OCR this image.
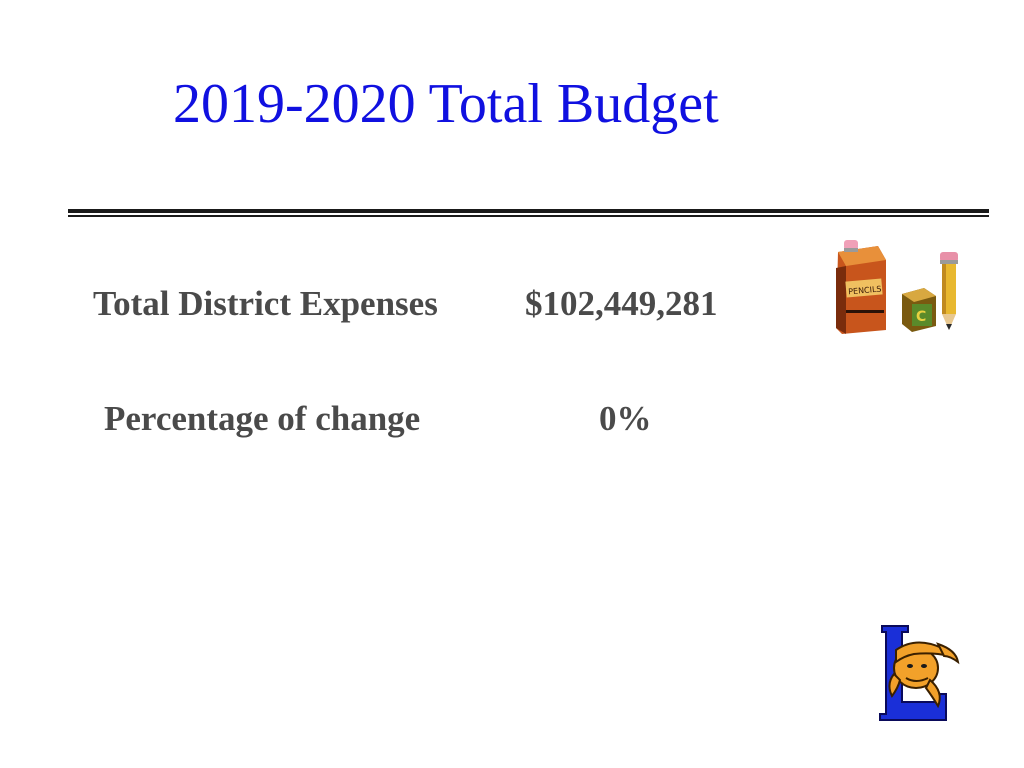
2019-2020 Total Budget
Total District Expenses $102,449,281
Percentage of change	0%
PENCILS
C
